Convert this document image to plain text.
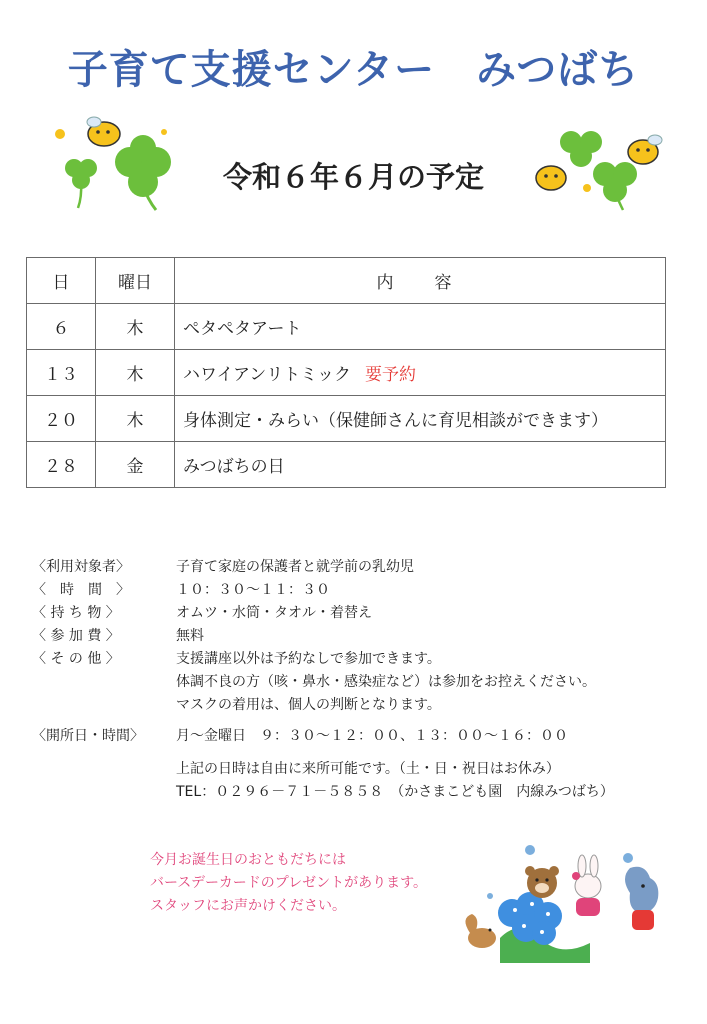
子育て支援センター　みつばち
令和６年６月の予定
日	曜日	内　容
６	木	ペタペタアート
１３	木	ハワイアンリトミック 要予約
２０	木	身体測定・みらい（保健師さんに育児相談ができます）
２８	金	みつばちの日
〈利用対象者〉	子育て家庭の保護者と就学前の乳幼児
〈　時　間　〉	１０：３０～１１：３０
〈 持 ち 物 〉	オムツ・水筒・タオル・着替え
〈 参 加 費 〉	無料
〈 そ の 他 〉	支援講座以外は予約なしで参加できます。
体調不良の方（咳・鼻水・感染症など）は参加をお控えください。
マスクの着用は、個人の判断となります。
〈開所日・時間〉 月～金曜日　９：３０～１２：００、１３：００～１６：００
上記の日時は自由に来所可能です。（土・日・祝日はお休み）
TEL：０２９６－７１－５８５８　（かさまこども園　内線みつばち）
今月お誕生日のおともだちには
バースデーカードのプレゼントがあります。
スタッフにお声かけください。
